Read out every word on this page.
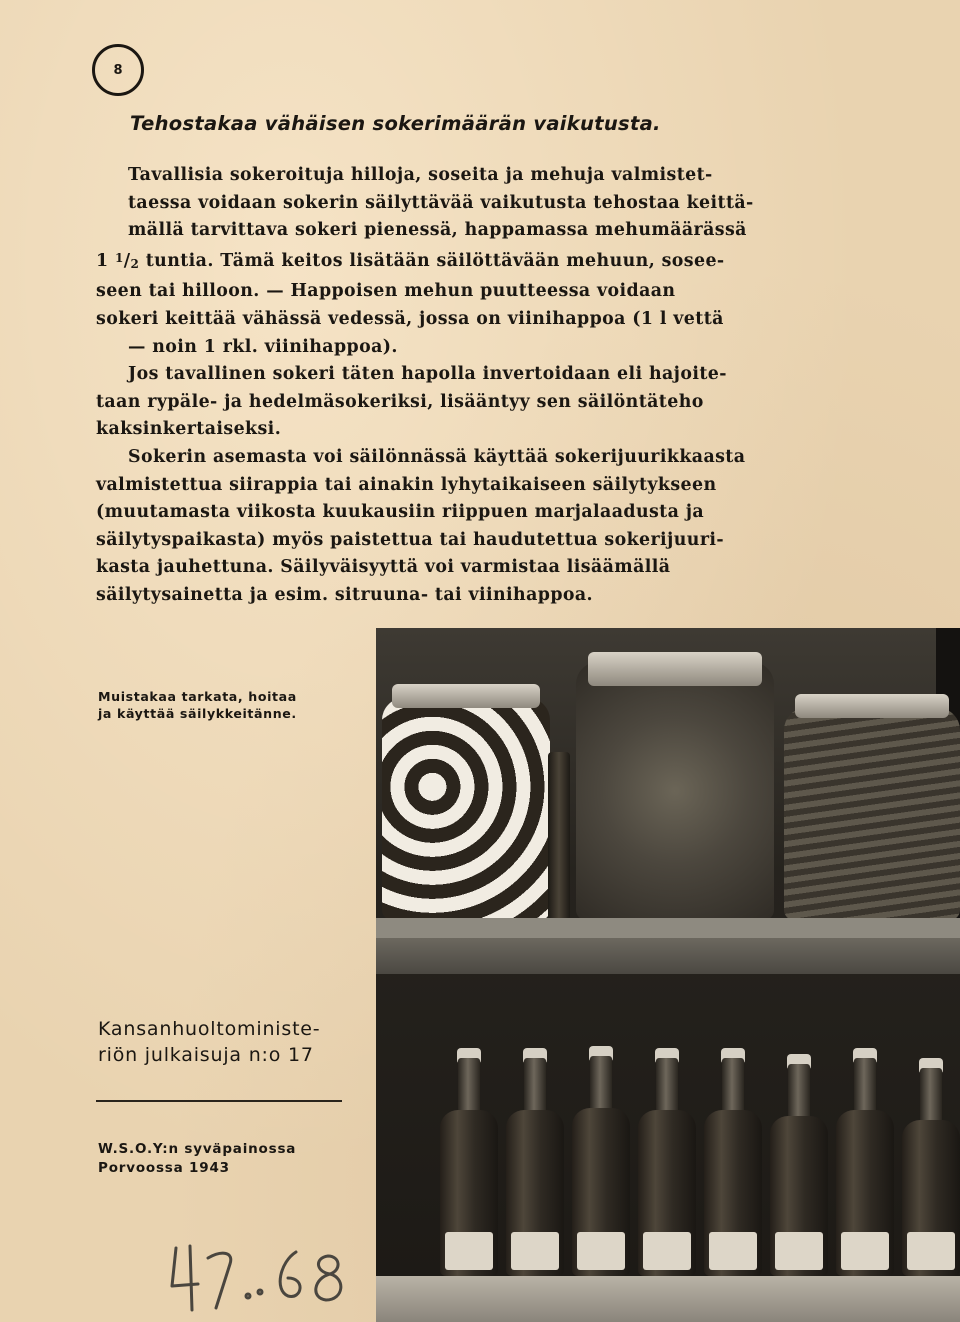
8
Tehostakaa vähäisen sokerimäärän vaikutusta.

Tavallisia sokeroituja hilloja, soseita ja mehuja valmistet-
taessa voidaan sokerin säilyttävää vaikutusta tehostaa keittä-
mällä tarvittava sokeri pienessä, happamassa mehumäärässä
1 $^1$/2 tuntia. Tämä keitos lisätään säilöttävään mehuun, sosee-
seen tai hilloon. — Happoisen mehun puutteessa voidaan
sokeri keittää vähässä vedessä, jossa on viinihappoa (1 l vettä
— noin 1 rkl. viinihappoa).

Jos tavallinen sokeri täten hapolla invertoidaan eli hajoite-
taan rypäle- ja hedelmäsokeriksi, lisääntyy sen säilöntäteho
kaksinkertaiseksi.

Sokerin asemasta voi säilönnässä käyttää sokerijuurikkaasta
valmistettua siirappia tai ainakin lyhytaikaiseen säilytykseen
(muutamasta viikosta kuukausiin riippuen marjalaadusta ja
säilytyspaikasta) myös paistettua tai haudutettua sokerijuuri-
kasta jauhettuna. Säilyväisyyttä voi varmistaa lisäämällä
säilytysainetta ja esim. sitruuna- tai viinihappoa.

Muistakaa tarkata, hoitaa
ja käyttää säilykkeitänne.

Kansanhuoltoministe-
riön julkaisuja n:o 17

W.S.O.Y:n syväpainossa
Porvoossa 1943
